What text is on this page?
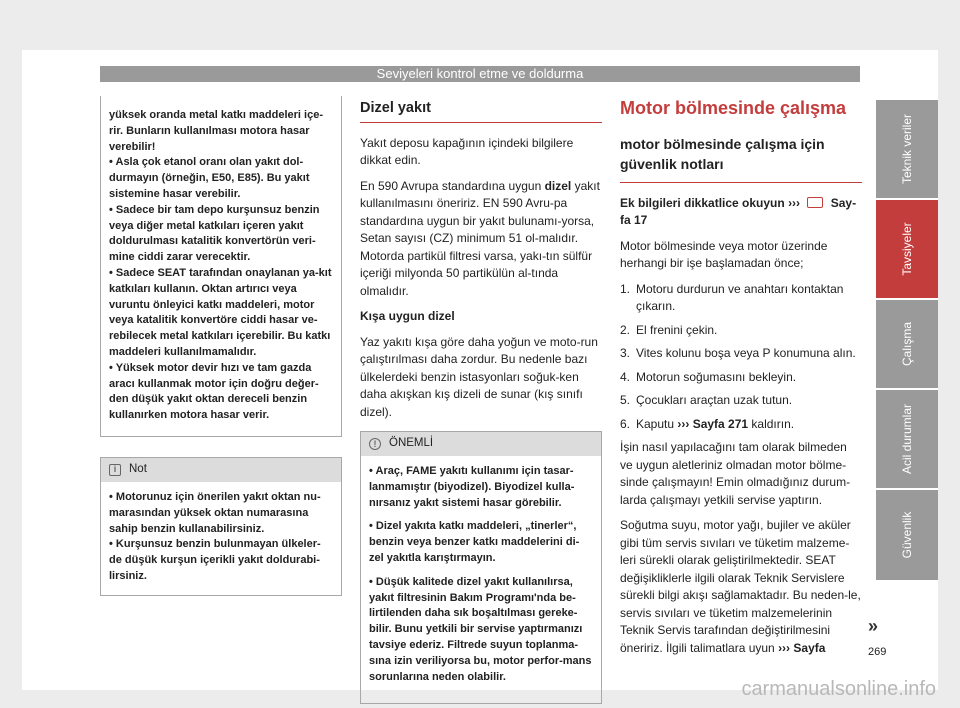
Seviyeleri kontrol etme ve doldurma

yüksek oranda metal katkı maddeleri içe-rir. Bunların kullanılması motora hasar verebilir!

• Asla çok etanol oranı olan yakıt dol-durmayın (örneğin, E50, E85). Bu yakıt sistemine hasar verebilir.

• Sadece bir tam depo kurşunsuz benzin veya diğer metal katkıları içeren yakıt doldurulması katalitik konvertörün veri-mine ciddi zarar verecektir.

• Sadece SEAT tarafından onaylanan ya-kıt katkıları kullanın. Oktan artırıcı veya vuruntu önleyici katkı maddeleri, motor veya katalitik konvertöre ciddi hasar ve-rebilecek metal katkıları içerebilir. Bu katkı maddeleri kullanılmamalıdır.

• Yüksek motor devir hızı ve tam gazda aracı kullanmak motor için doğru değer-den düşük yakıt oktan dereceli benzin kullanırken motora hasar verir.

i	Not

• Motorunuz için önerilen yakıt oktan nu-marasından yüksek oktan numarasına sahip benzin kullanabilirsiniz.

• Kurşunsuz benzin bulunmayan ülkeler-de düşük kurşun içerikli yakıt doldurabi-lirsiniz.

Dizel yakıt

Yakıt deposu kapağının içindeki bilgilere dikkat edin.

En 590 Avrupa standardına uygun dizel yakıt kullanılmasını öneririz. EN 590 Avru-pa standardına uygun bir yakıt bulunamı-yorsa, Setan sayısı (CZ) minimum 51 ol-malıdır. Motorda partikül filtresi varsa, yakı-tın sülfür içeriği milyonda 50 partikülün al-tında olmalıdır.

Kışa uygun dizel

Yaz yakıtı kışa göre daha yoğun ve moto-run çalıştırılması daha zordur. Bu nedenle bazı ülkelerdeki benzin istasyonları soğuk-ken daha akışkan kış dizeli de sunar (kış sınıfı dizel).

!	ÖNEMLİ

• Araç, FAME yakıtı kullanımı için tasar-lanmamıştır (biyodizel). Biyodizel kulla-nırsanız yakıt sistemi hasar görebilir.

• Dizel yakıta katkı maddeleri, „tinerler“, benzin veya benzer katkı maddelerini di-zel yakıtla karıştırmayın.

• Düşük kalitede dizel yakıt kullanılırsa, yakıt filtresinin Bakım Programı'nda be-lirtilenden daha sık boşaltılması gereke-bilir. Bunu yetkili bir servise yaptırmanızı tavsiye ederiz. Filtrede suyun toplanma-sına izin veriliyorsa bu, motor perfor-mans sorunlarına neden olabilir.

Motor bölmesinde çalışma
motor bölmesinde çalışma için güvenlik notları

Ek bilgileri dikkatlice okuyun ›››  Say-fa 17

Motor bölmesinde veya motor üzerinde herhangi bir işe başlamadan önce;

1. Motoru durdurun ve anahtarı kontaktan çıkarın.
2. El frenini çekin.
3. Vites kolunu boşa veya P konumuna alın.
4. Motorun soğumasını bekleyin.
5. Çocukları araçtan uzak tutun.
6. Kaputu ››› Sayfa 271 kaldırın.

İşin nasıl yapılacağını tam olarak bilmeden ve uygun aletleriniz olmadan motor bölme-sinde çalışmayın! Emin olmadığınız durum-larda çalışmayı yetkili servise yaptırın.

Soğutma suyu, motor yağı, bujiler ve aküler gibi tüm servis sıvıları ve tüketim malzeme-leri sürekli olarak geliştirilmektedir. SEAT değişikliklerle ilgili olarak Teknik Servislere sürekli bilgi akışı sağlamaktadır. Bu neden-le, servis sıvıları ve tüketim malzemelerinin Teknik Servis tarafından değiştirilmesini öneririz. İlgili talimatlara uyun ››› Sayfa

Teknik veriler
Tavsiyeler
Çalışma
Acil durumlar
Güvenlik
»
269
carmanualsonline.info
